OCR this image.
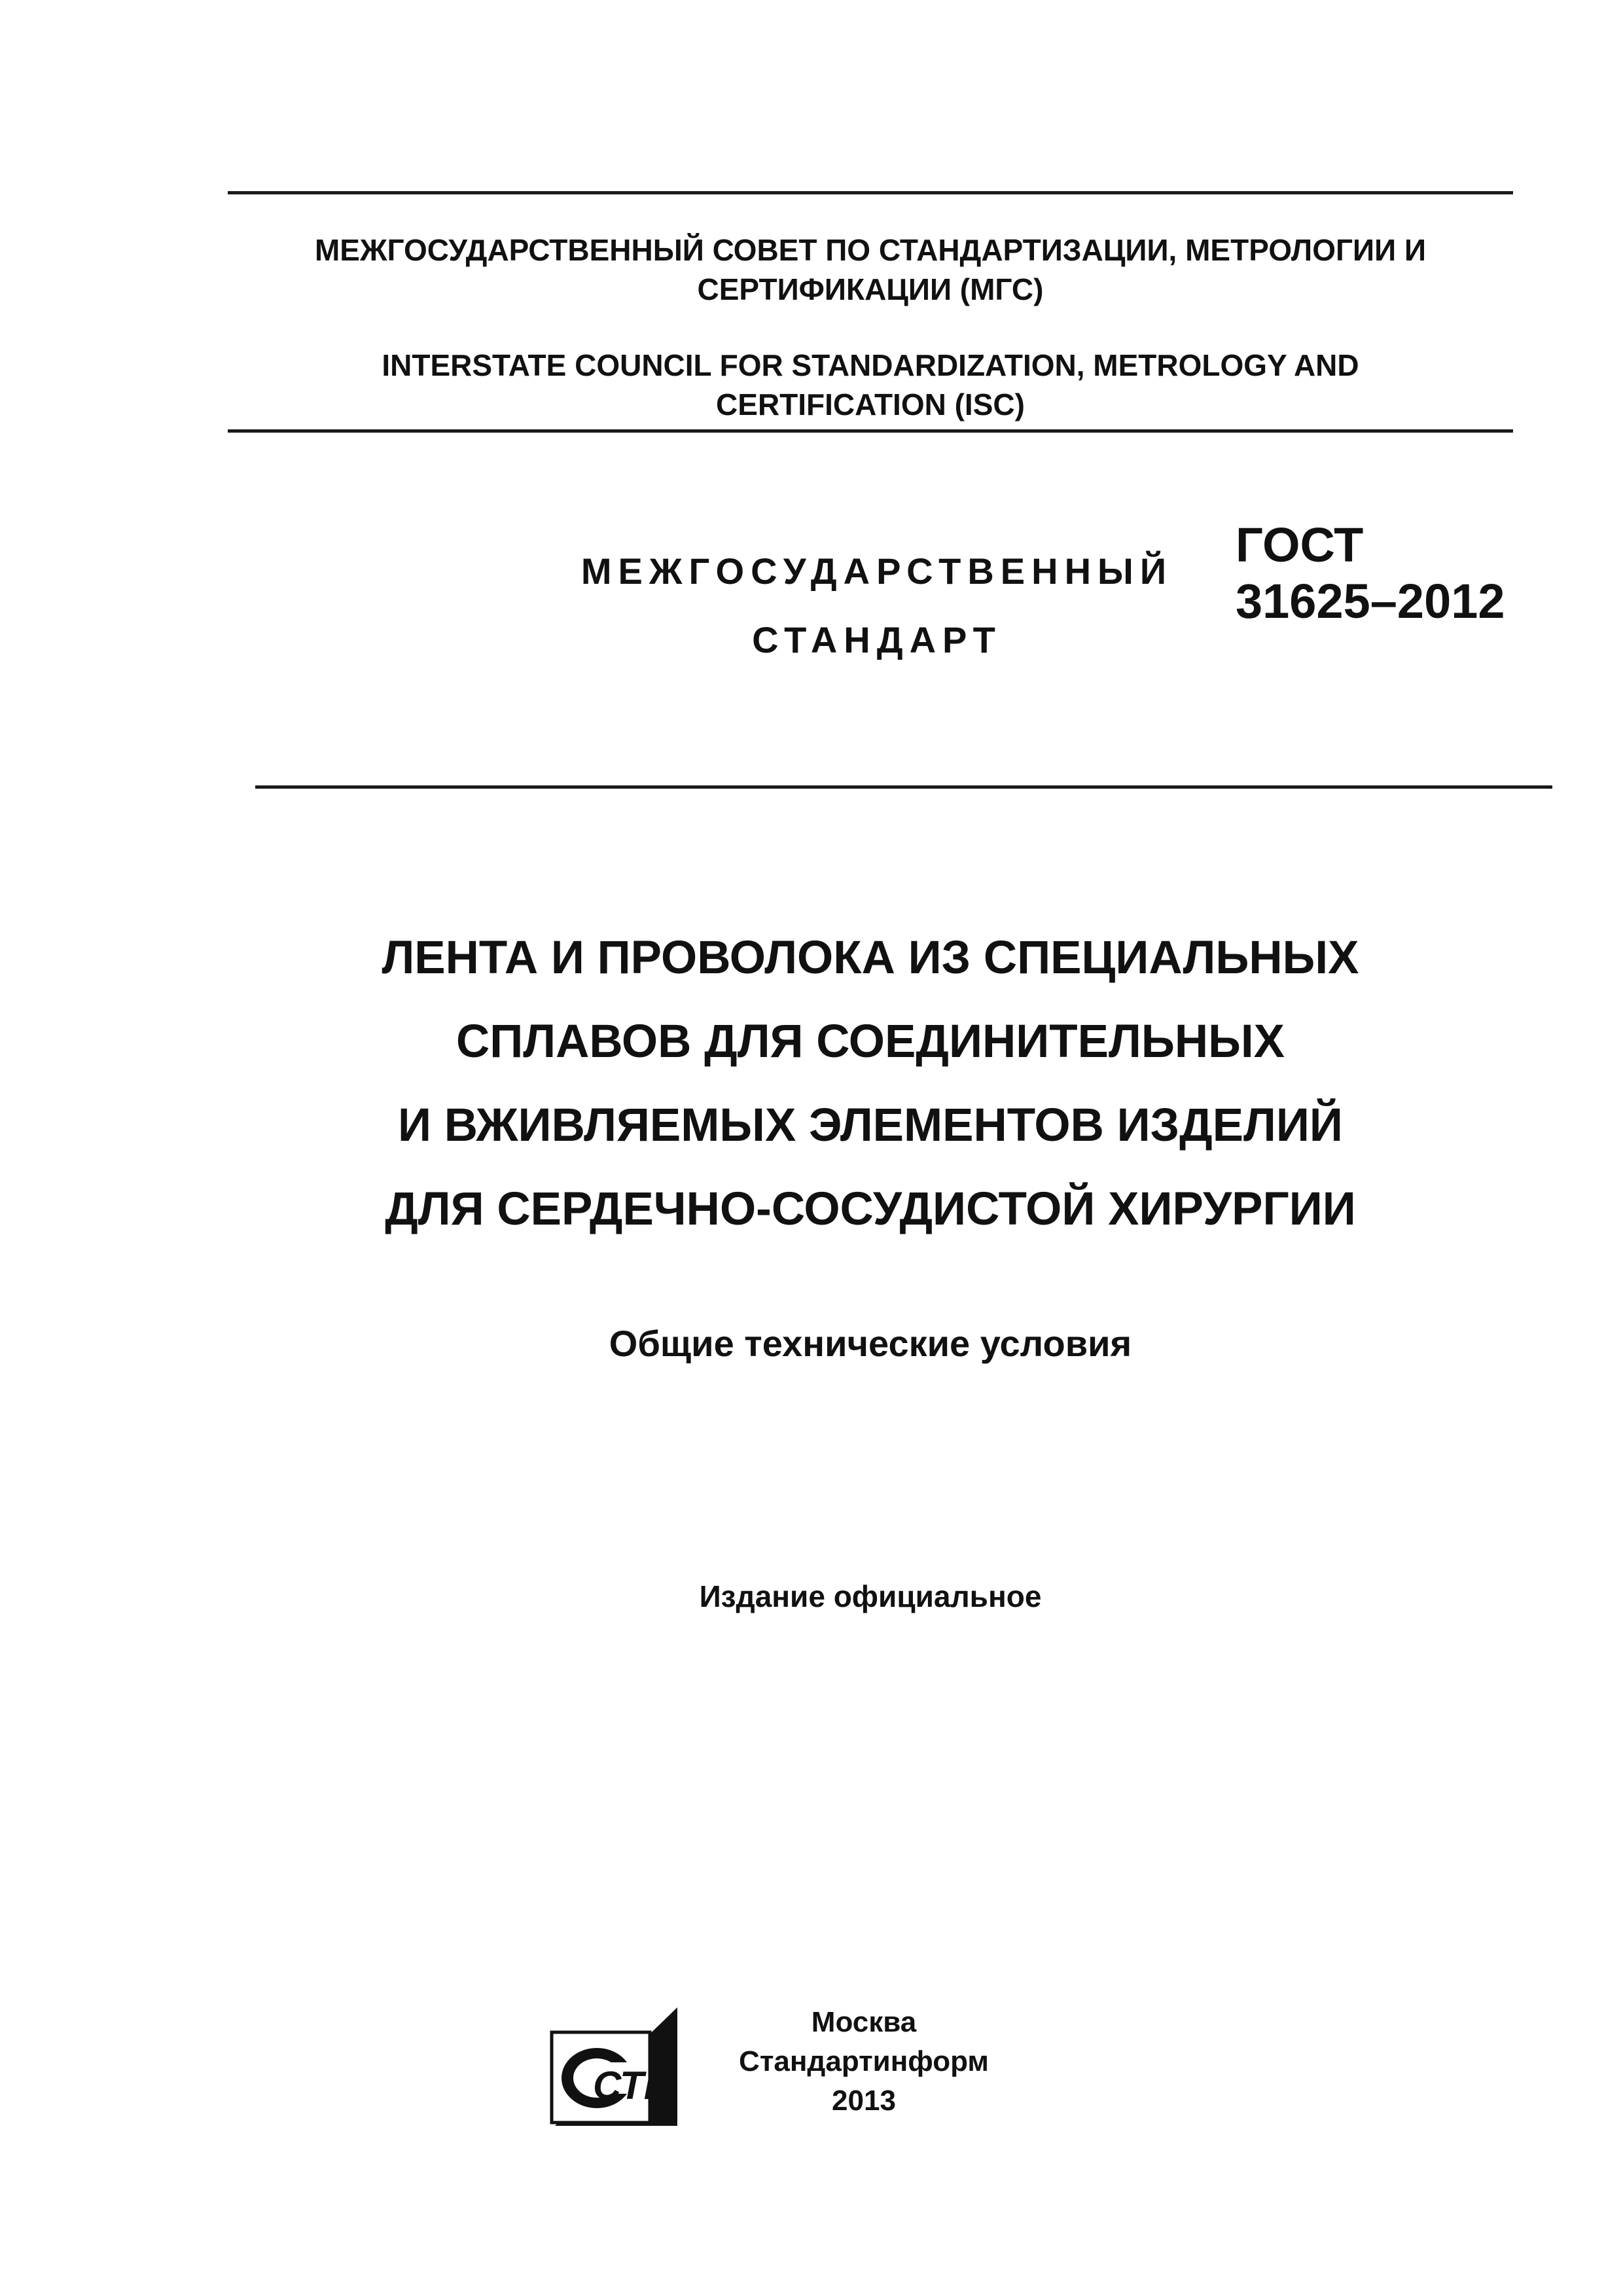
МЕЖГОСУДАРСТВЕННЫЙ СОВЕТ ПО СТАНДАРТИЗАЦИИ, МЕТРОЛОГИИ И

СЕРТИФИКАЦИИ (МГС)

INTERSTATE COUNCIL FOR STANDARDIZATION, METROLOGY AND

CERTIFICATION (ISC)

МЕЖГОСУДАРСТВЕННЫЙ
СТАНДАРТ
ГОСТ
31625–2012

ЛЕНТА И ПРОВОЛОКА ИЗ СПЕЦИАЛЬНЫХ

СПЛАВОВ ДЛЯ СОЕДИНИТЕЛЬНЫХ

И ВЖИВЛЯЕМЫХ ЭЛЕМЕНТОВ ИЗДЕЛИЙ

ДЛЯ СЕРДЕЧНО-СОСУДИСТОЙ ХИРУРГИИ

Общие технические условия
Издание официальное
СТИ

Москва

Стандартинформ

2013
